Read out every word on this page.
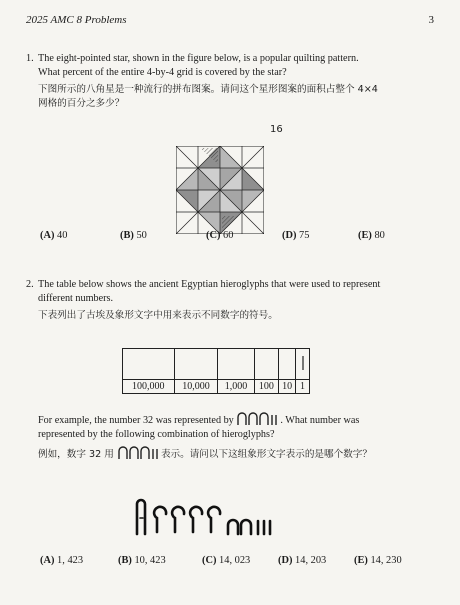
2025 AMC 8 Problems	3
1. The eight-pointed star, shown in the figure below, is a popular quilting pattern.
What percent of the entire 4-by-4 grid is covered by the star?
下图所示的八角星是一种流行的拼布图案。请问这个星形图案的面积占整个 4×4
网格的百分之多少？
16
(A) 40	(B) 50	(C) 60	(D) 75	(E) 80
2. The table below shows the ancient Egyptian hieroglyphs that were used to represent
different numbers.
下表列出了古埃及象形文字中用来表示不同数字的符号。

100,000	10,000	1,000	100	10	1
For example, the number 32 was represented by	. What number was
represented by the following combination of hieroglyphs?
例如，数字 32 用	表示。请问以下这组象形文字表示的是哪个数字？
(A) 1, 423	(B) 10, 423	(C) 14, 023	(D) 14, 203	(E) 14, 230
